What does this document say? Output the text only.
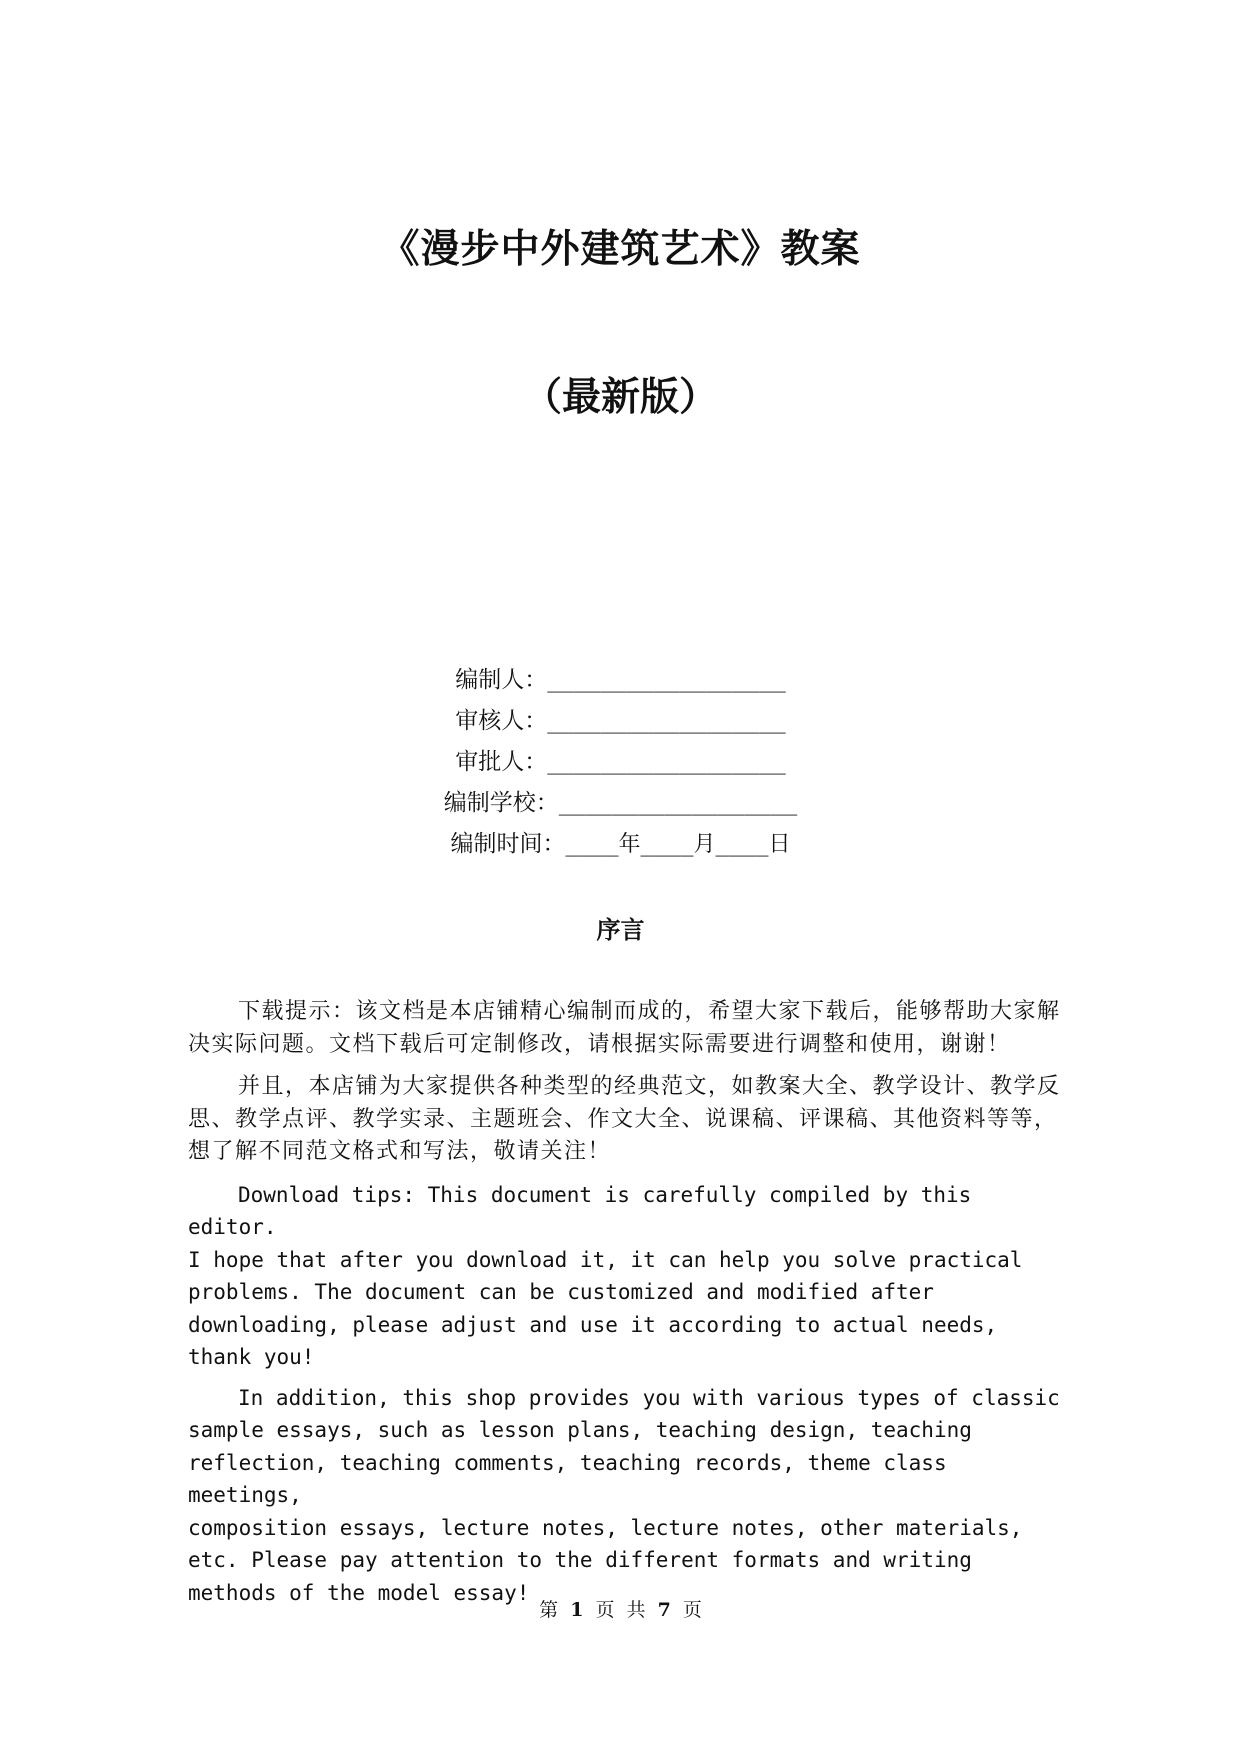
《漫步中外建筑艺术》教案
（最新版）
编制人： __________________
审核人： __________________
审批人： __________________
编制学校： __________________
编制时间： ____年____月____日
序言

下载提示：该文档是本店铺精心编制而成的，希望大家下载后，能够帮助大家解决实际问题。文档下载后可定制修改，请根据实际需要进行调整和使用，谢谢！

并且，本店铺为大家提供各种类型的经典范文，如教案大全、教学设计、教学反思、教学点评、教学实录、主题班会、作文大全、说课稿、评课稿、其他资料等等，想了解不同范文格式和写法，敬请关注！

Download tips: This document is carefully compiled by this editor.
I hope that after you download it, it can help you solve practical
problems. The document can be customized and modified after
downloading, please adjust and use it according to actual needs,
thank you!

In addition, this shop provides you with various types of classic
sample essays, such as lesson plans, teaching design, teaching
reflection, teaching comments, teaching records, theme class meetings,
composition essays, lecture notes, lecture notes, other materials,
etc. Please pay attention to the different formats and writing
methods of the model essay!

第 1 页 共 7 页
